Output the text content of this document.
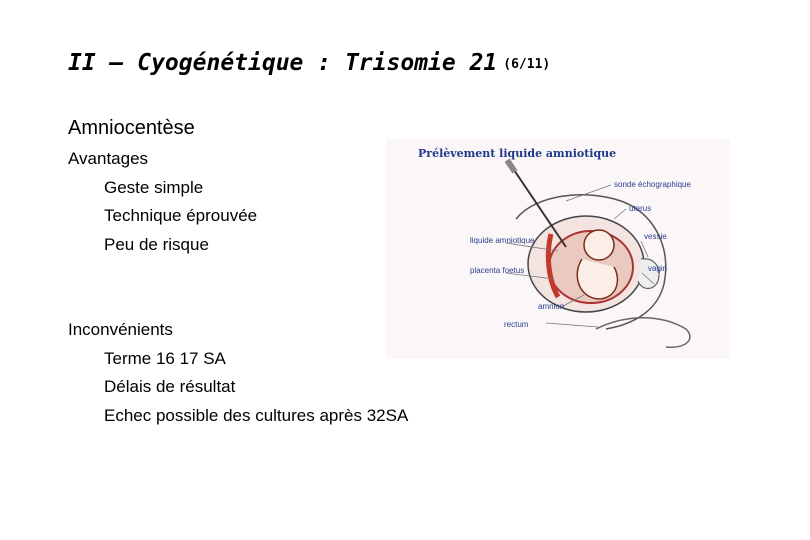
II – Cyogénétique : Trisomie 21 (6/11)
Amniocentèse
Avantages
Geste simple
Technique éprouvée
Peu de risque
Inconvénients
Terme 16 17 SA
Délais de résultat
Echec possible des cultures après 32SA
Prélèvement liquide amniotique
sonde échographique
uterus
liquide amniotique	vessie
placenta foetus	vagin
amnion
rectum
